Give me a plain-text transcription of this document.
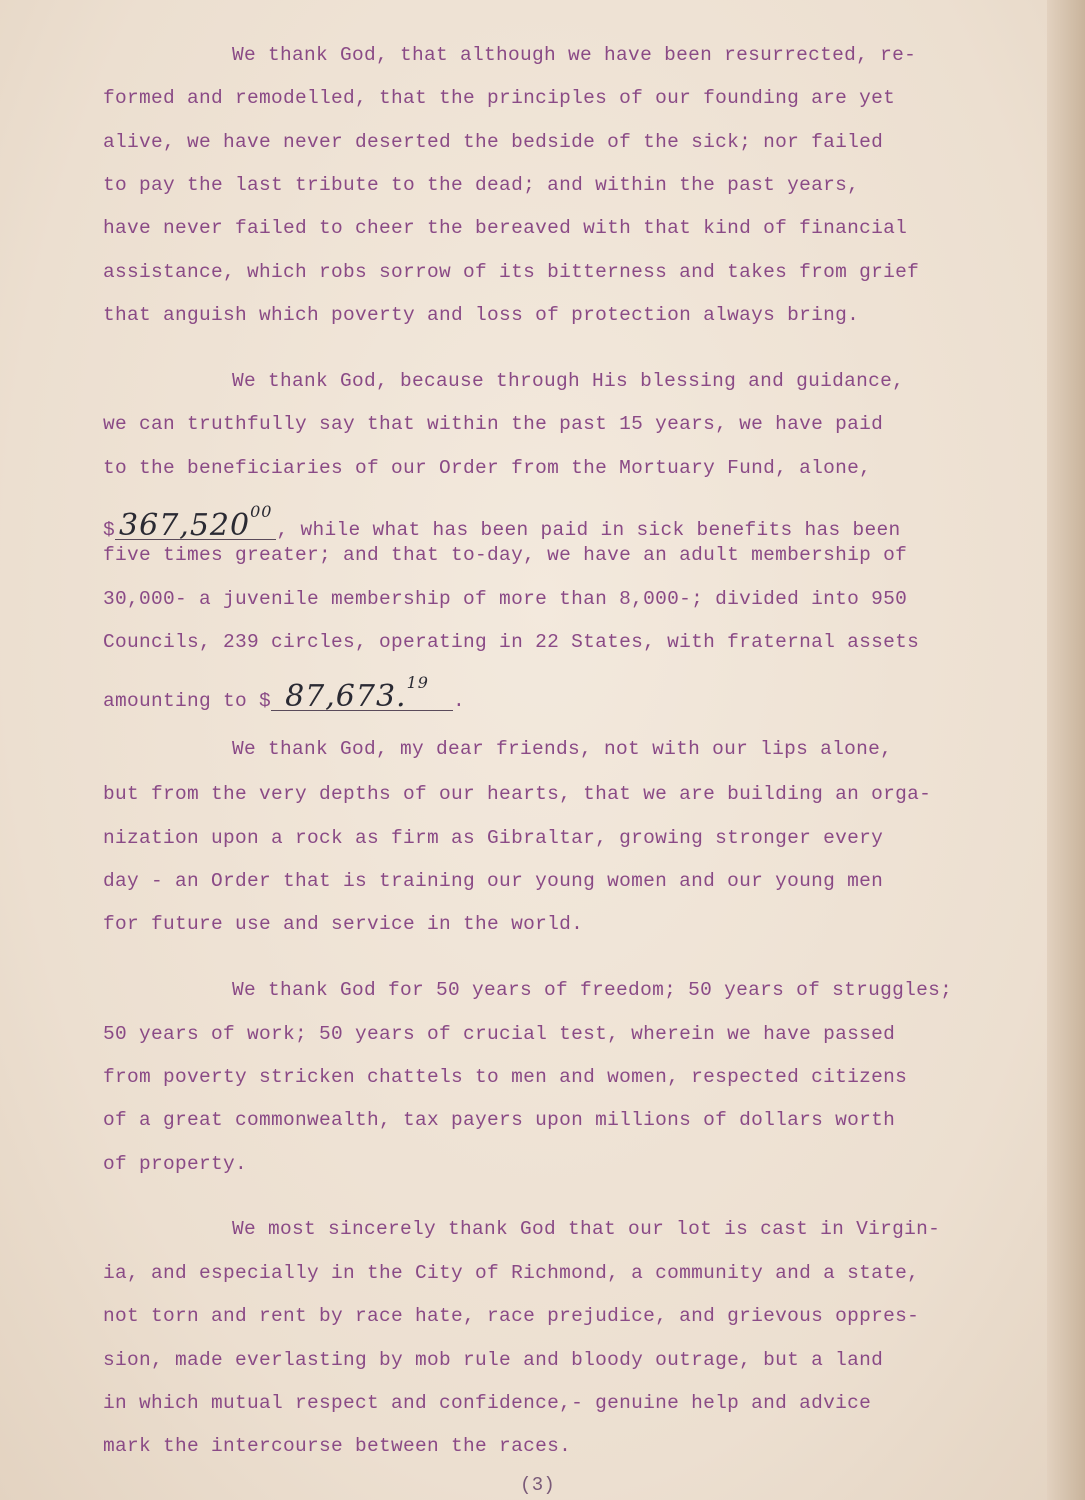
We thank God, that although we have been resurrected, re-
formed and remodelled, that the principles of our founding are yet
alive, we have never deserted the bedside of the sick; nor failed
to pay the last tribute to the dead; and within the past years,
have never failed to cheer the bereaved with that kind of financial
assistance, which robs sorrow of its bitterness and takes from grief
that anguish which poverty and loss of protection always bring.
We thank God, because through His blessing and guidance,
we can truthfully say that within the past 15 years, we have paid
to the beneficiaries of our Order from the Mortuary Fund, alone,
$ 367,520$^{00}$, while what has been paid in sick benefits has been
five times greater; and that to-day, we have an adult membership of
30,000- a juvenile membership of more than 8,000-; divided into 950
Councils, 239 circles, operating in 22 States, with fraternal assets
amounting to $ 87,673.19.
We thank God, my dear friends, not with our lips alone,
but from the very depths of our hearts, that we are building an orga-
nization upon a rock as firm as Gibraltar, growing stronger every
day - an Order that is training our young women and our young men
for future use and service in the world.
We thank God for 50 years of freedom; 50 years of struggles;
50 years of work; 50 years of crucial test, wherein we have passed
from poverty stricken chattels to men and women, respected citizens
of a great commonwealth, tax payers upon millions of dollars worth
of property.
We most sincerely thank God that our lot is cast in Virgin-
ia, and especially in the City of Richmond, a community and a state,
not torn and rent by race hate, race prejudice, and grievous oppres-
sion, made everlasting by mob rule and bloody outrage, but a land
in which mutual respect and confidence,- genuine help and advice
mark the intercourse between the races.
(3)
